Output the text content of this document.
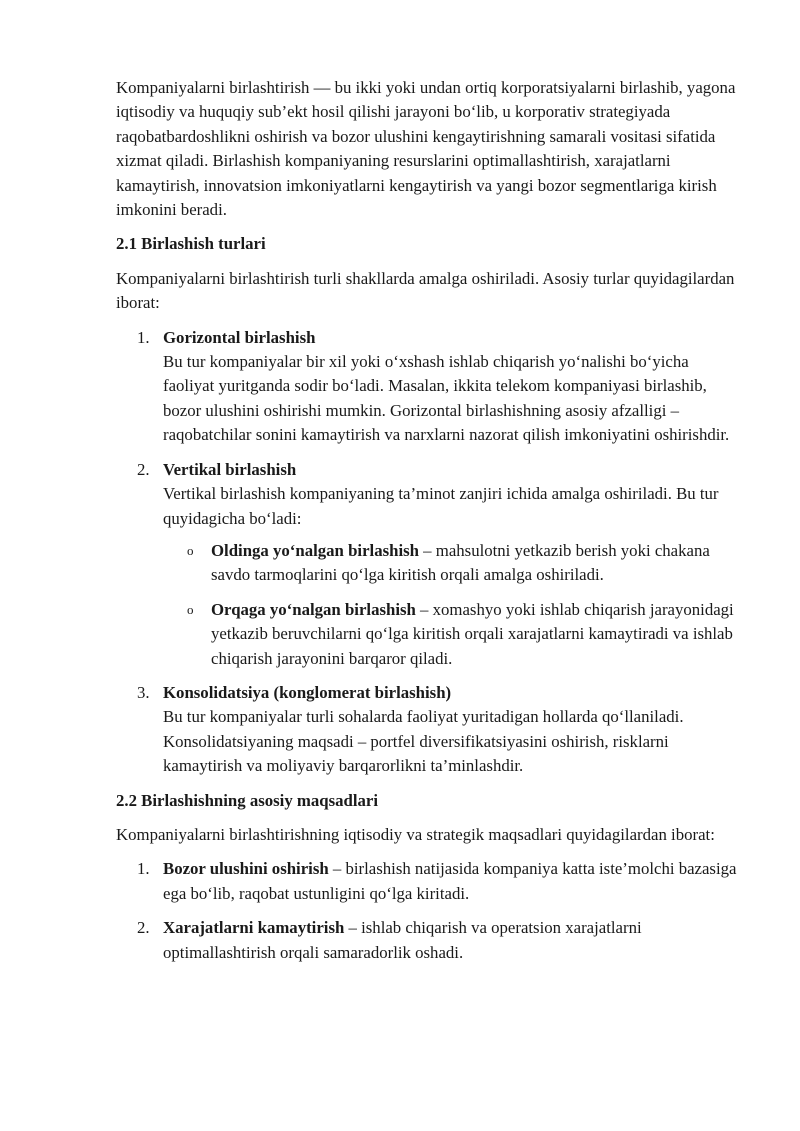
Kompaniyalarni birlashtirish — bu ikki yoki undan ortiq korporatsiyalarni birlashib, yagona iqtisodiy va huquqiy sub’ekt hosil qilishi jarayoni bo‘lib, u korporativ strategiyada raqobatbardoshlikni oshirish va bozor ulushini kengaytirishning samarali vositasi sifatida xizmat qiladi. Birlashish kompaniyaning resurslarini optimallashtirish, xarajatlarni kamaytirish, innovatsion imkoniyatlarni kengaytirish va yangi bozor segmentlariga kirish imkonini beradi.

2.1 Birlashish turlari

Kompaniyalarni birlashtirish turli shakllarda amalga oshiriladi. Asosiy turlar quyidagilardan iborat:

1. Gorizontal birlashish
Bu tur kompaniyalar bir xil yoki o‘xshash ishlab chiqarish yo‘nalishi bo‘yicha faoliyat yuritganda sodir bo‘ladi. Masalan, ikkita telekom kompaniyasi birlashib, bozor ulushini oshirishi mumkin. Gorizontal birlashishning asosiy afzalligi – raqobatchilar sonini kamaytirish va narxlarni nazorat qilish imkoniyatini oshirishdir.
2. Vertikal birlashish
Vertikal birlashish kompaniyaning ta’minot zanjiri ichida amalga oshiriladi. Bu tur quyidagicha bo‘ladi:
o Oldinga yo‘nalgan birlashish – mahsulotni yetkazib berish yoki chakana savdo tarmoqlarini qo‘lga kiritish orqali amalga oshiriladi.
o Orqaga yo‘nalgan birlashish – xomashyo yoki ishlab chiqarish jarayonidagi yetkazib beruvchilarni qo‘lga kiritish orqali xarajatlarni kamaytiradi va ishlab chiqarish jarayonini barqaror qiladi.
3. Konsolidatsiya (konglomerat birlashish)
Bu tur kompaniyalar turli sohalarda faoliyat yuritadigan hollarda qo‘llaniladi. Konsolidatsiyaning maqsadi – portfel diversifikatsiyasini oshirish, risklarni kamaytirish va moliyaviy barqarorlikni ta’minlashdir.
2.2 Birlashishning asosiy maqsadlari

Kompaniyalarni birlashtirishning iqtisodiy va strategik maqsadlari quyidagilardan iborat:

1. Bozor ulushini oshirish – birlashish natijasida kompaniya katta iste’molchi bazasiga ega bo‘lib, raqobat ustunligini qo‘lga kiritadi.
2. Xarajatlarni kamaytirish – ishlab chiqarish va operatsion xarajatlarni optimallashtirish orqali samaradorlik oshadi.
